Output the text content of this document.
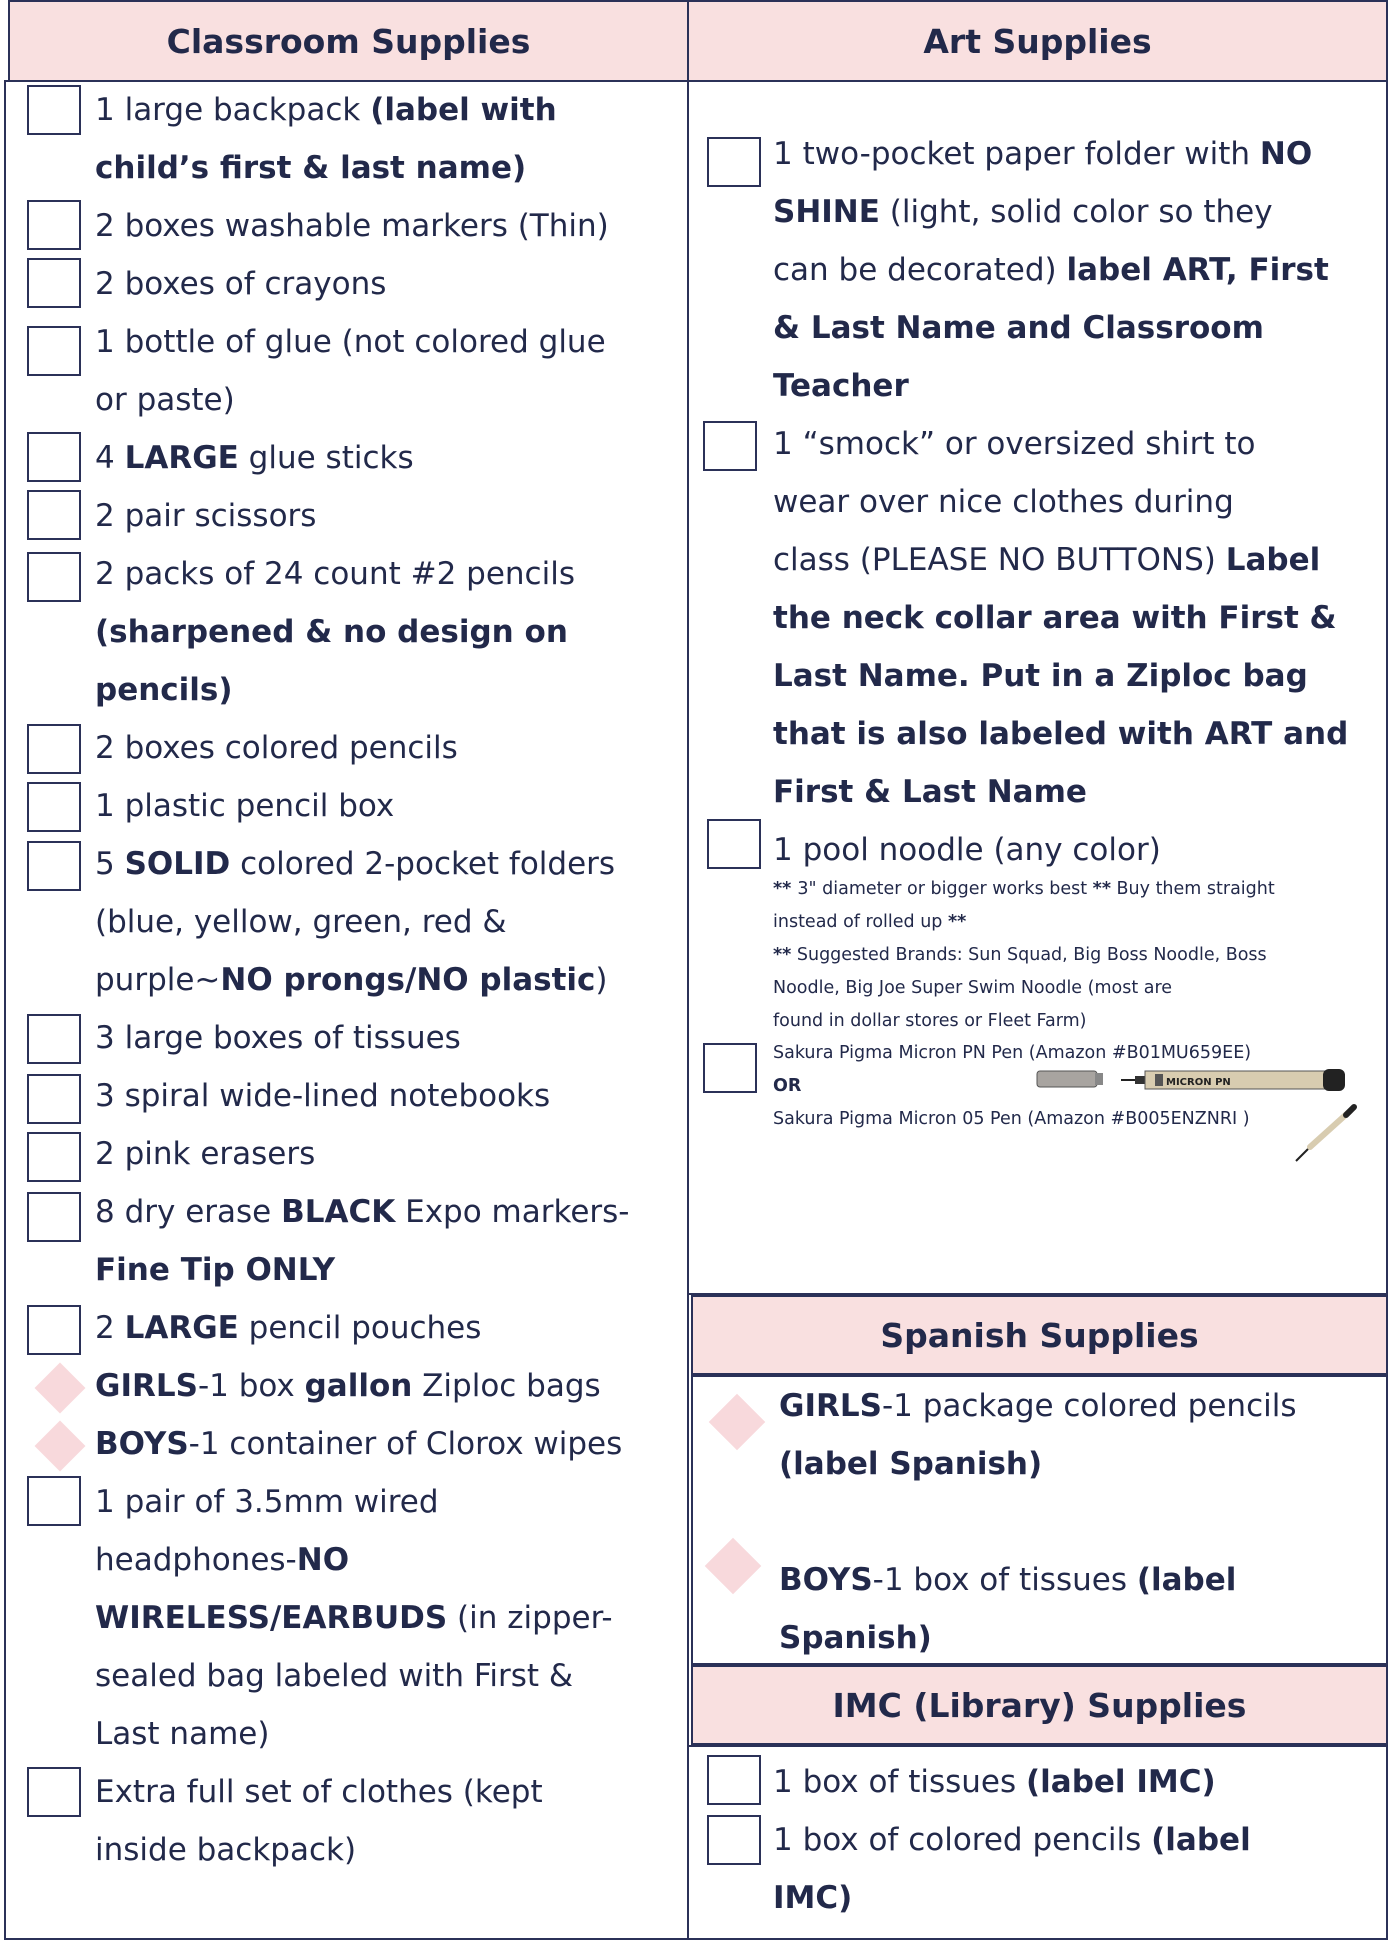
Classroom Supplies	Art Supplies
Spanish Supplies
IMC (Library) Supplies
1 large backpack (label with
child’s first & last name)
2 boxes washable markers (Thin)
2 boxes of crayons
1 bottle of glue (not colored glue
or paste)
4 LARGE glue sticks
2 pair scissors
2 packs of 24 count #2 pencils
(sharpened & no design on
pencils)
2 boxes colored pencils
1 plastic pencil box
5 SOLID colored 2-pocket folders
(blue, yellow, green, red &
purple~NO prongs/NO plastic)
3 large boxes of tissues
3 spiral wide-lined notebooks
2 pink erasers
8 dry erase BLACK Expo markers-
Fine Tip ONLY
2 LARGE pencil pouches
GIRLS-1 box gallon Ziploc bags
BOYS-1 container of Clorox wipes
1 pair of 3.5mm wired
headphones-NO
WIRELESS/EARBUDS (in zipper-
sealed bag labeled with First &
Last name)
Extra full set of clothes (kept
inside backpack)
1 two-pocket paper folder with NO
SHINE (light, solid color so they
can be decorated) label ART, First
& Last Name and Classroom
Teacher
1 “smock” or oversized shirt to
wear over nice clothes during
class (PLEASE NO BUTTONS) Label
the neck collar area with First &
Last Name. Put in a Ziploc bag
that is also labeled with ART and
First & Last Name
1 pool noodle (any color)
** 3" diameter or bigger works best ** Buy them straight
instead of rolled up **
** Suggested Brands: Sun Squad, Big Boss Noodle, Boss
Noodle, Big Joe Super Swim Noodle (most are
found in dollar stores or Fleet Farm)
Sakura Pigma Micron PN Pen (Amazon #B01MU659EE)
OR
Sakura Pigma Micron 05 Pen (Amazon #B005ENZNRI )
MICRON PN
GIRLS-1 package colored pencils
(label Spanish)
BOYS-1 box of tissues (label
Spanish)
1 box of tissues (label IMC)
1 box of colored pencils (label
IMC)
